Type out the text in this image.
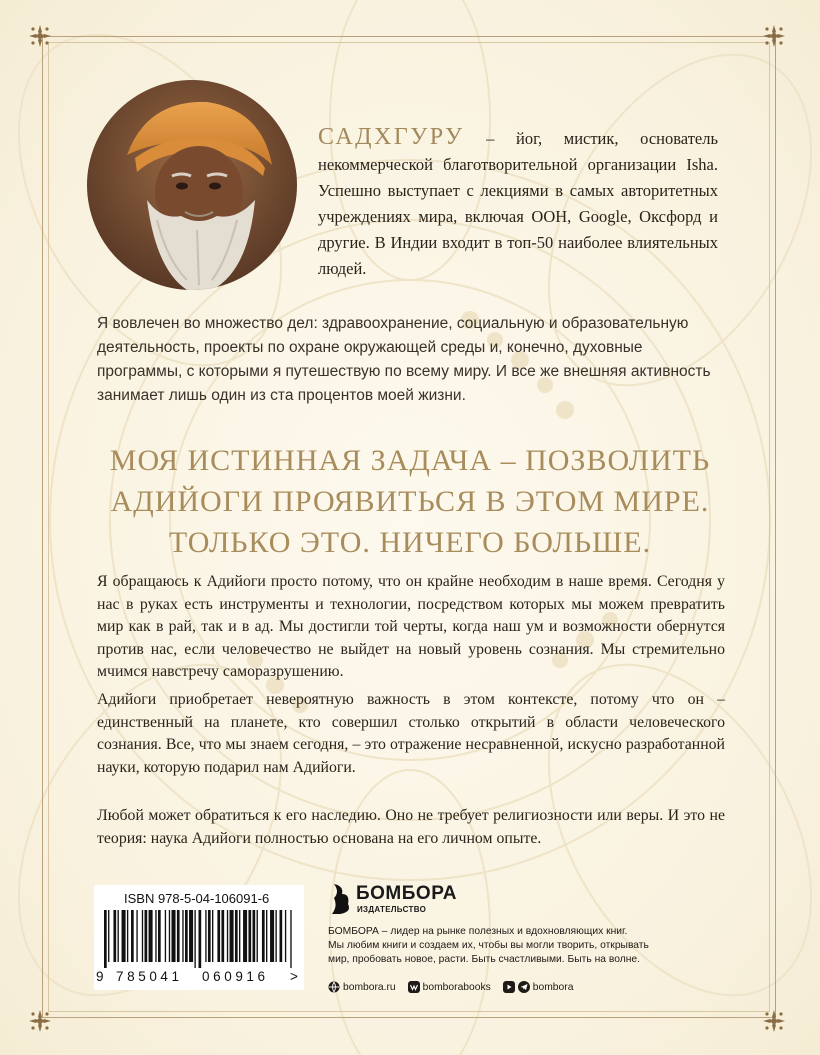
САДХГУРУ – йог, мистик, основатель некоммерческой благотворительной организации Isha. Успешно выступает с лекциями в самых авторитетных учреждениях мира, включая ООН, Google, Оксфорд и другие. В Индии входит в топ-50 наиболее влиятельных людей.
Я вовлечен во множество дел: здравоохранение, социальную и образовательную деятельность, проекты по охране окружающей среды и, конечно, духовные программы, с которыми я путешествую по всему миру. И все же внешняя активность занимает лишь один из ста процентов моей жизни.
МОЯ ИСТИННАЯ ЗАДАЧА – ПОЗВОЛИТЬ
АДИЙОГИ ПРОЯВИТЬСЯ В ЭТОМ МИРЕ.
ТОЛЬКО ЭТО. НИЧЕГО БОЛЬШЕ.
Я обращаюсь к Адийоги просто потому, что он крайне необходим в наше время. Сегодня у нас в руках есть инструменты и технологии, посредством которых мы можем превратить мир как в рай, так и в ад. Мы достигли той черты, когда наш ум и возможности обернутся против нас, если человечество не выйдет на новый уровень сознания. Мы стремительно мчимся навстречу саморазрушению.
Адийоги приобретает невероятную важность в этом контексте, потому что он – единственный на планете, кто совершил столько открытий в области человеческого сознания. Все, что мы знаем сегодня, – это отражение несравненной, искусно разработанной науки, которую подарил нам Адийоги.
Любой может обратиться к его наследию. Оно не требует религиозности или веры. И это не теория: наука Адийоги полностью основана на его личном опыте.
ISBN 978-5-04-106091-6
9 785041 060916 >
БОМБОРА
ИЗДАТЕЛЬСТВО
БОМБОРА – лидер на рынке полезных и вдохновляющих книг.
Мы любим книги и создаем их, чтобы вы могли творить, открывать
мир, пробовать новое, расти. Быть счастливыми. Быть на волне.
bombora.ru	bomborabooks	bombora
